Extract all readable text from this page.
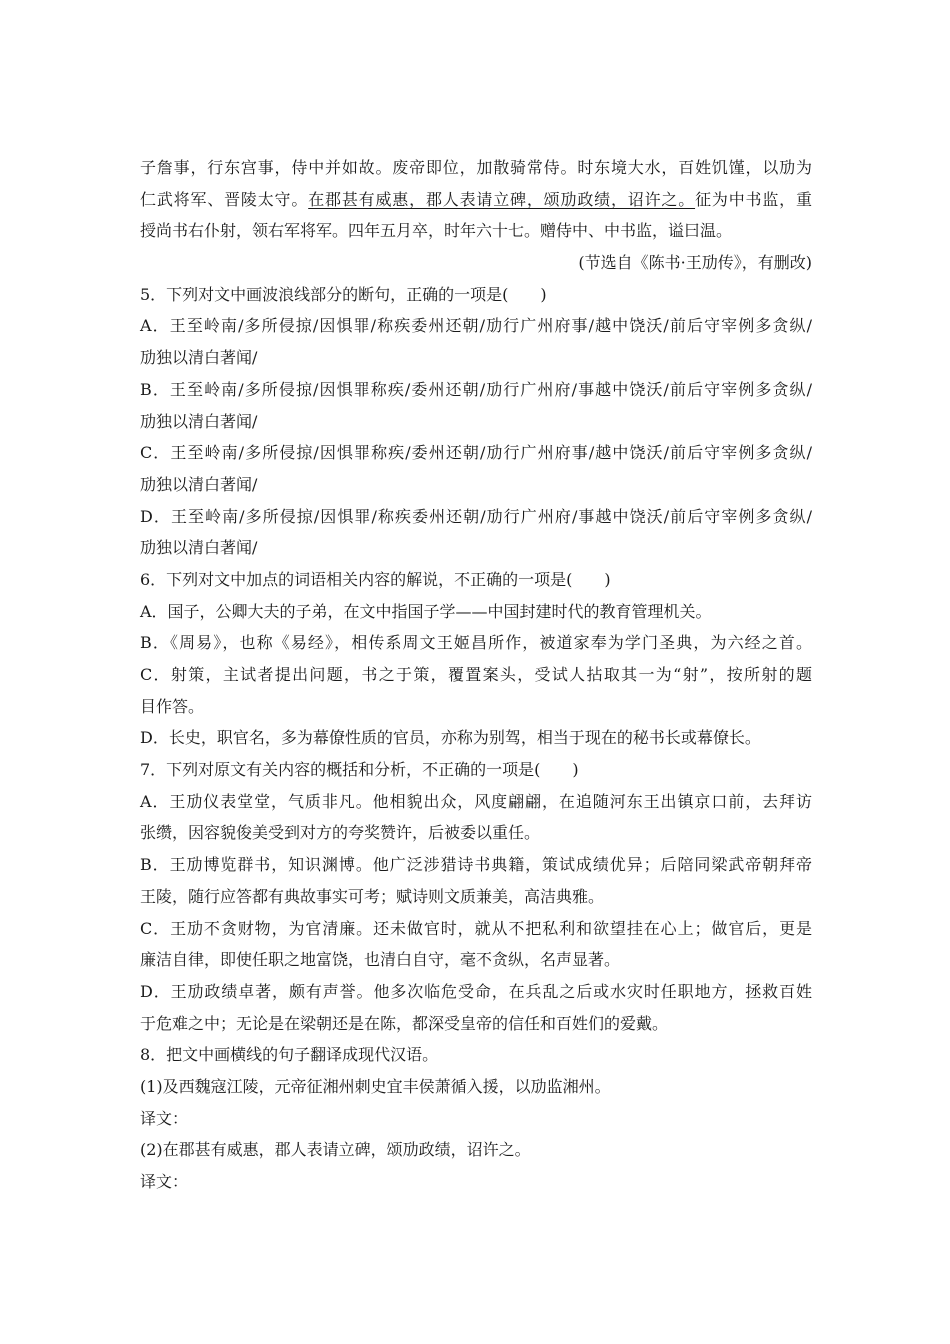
子詹事，行东宫事，侍中并如故。废帝即位，加散骑常侍。时东境大水，百姓饥馑，以劢为
仁武将军、晋陵太守。在郡甚有威惠，郡人表请立碑，颂劢政绩，诏许之。征为中书监，重
授尚书右仆射，领右军将军。四年五月卒，时年六十七。赠侍中、中书监，谥曰温。
(节选自《陈书·王劢传》，有删改)
5．下列对文中画波浪线部分的断句，正确的一项是(　　)
A．王至岭南/多所侵掠/因惧罪/称疾委州还朝/劢行广州府事/越中饶沃/前后守宰例多贪纵/
劢独以清白著闻/
B．王至岭南/多所侵掠/因惧罪称疾/委州还朝/劢行广州府/事越中饶沃/前后守宰例多贪纵/
劢独以清白著闻/
C．王至岭南/多所侵掠/因惧罪称疾/委州还朝/劢行广州府事/越中饶沃/前后守宰例多贪纵/
劢独以清白著闻/
D．王至岭南/多所侵掠/因惧罪/称疾委州还朝/劢行广州府/事越中饶沃/前后守宰例多贪纵/
劢独以清白著闻/
6．下列对文中加点的词语相关内容的解说，不正确的一项是(　　)
A．国子，公卿大夫的子弟，在文中指国子学——中国封建时代的教育管理机关。
B．《周易》，也称《易经》，相传系周文王姬昌所作，被道家奉为学门圣典，为六经之首。
C．射策，主试者提出问题，书之于策，覆置案头，受试人拈取其一为“射”，按所射的题
目作答。
D．长史，职官名，多为幕僚性质的官员，亦称为别驾，相当于现在的秘书长或幕僚长。
7．下列对原文有关内容的概括和分析，不正确的一项是(　　)
A．王劢仪表堂堂，气质非凡。他相貌出众，风度翩翩，在追随河东王出镇京口前，去拜访
张缵，因容貌俊美受到对方的夸奖赞许，后被委以重任。
B．王劢博览群书，知识渊博。他广泛涉猎诗书典籍，策试成绩优异；后陪同梁武帝朝拜帝
王陵，随行应答都有典故事实可考；赋诗则文质兼美，高洁典雅。
C．王劢不贪财物，为官清廉。还未做官时，就从不把私利和欲望挂在心上；做官后，更是
廉洁自律，即使任职之地富饶，也清白自守，毫不贪纵，名声显著。
D．王劢政绩卓著，颇有声誉。他多次临危受命，在兵乱之后或水灾时任职地方，拯救百姓
于危难之中；无论是在梁朝还是在陈，都深受皇帝的信任和百姓们的爱戴。
8．把文中画横线的句子翻译成现代汉语。
(1)及西魏寇江陵，元帝征湘州刺史宜丰侯萧循入援，以劢监湘州。
译文：
(2)在郡甚有威惠，郡人表请立碑，颂劢政绩，诏许之。
译文：
